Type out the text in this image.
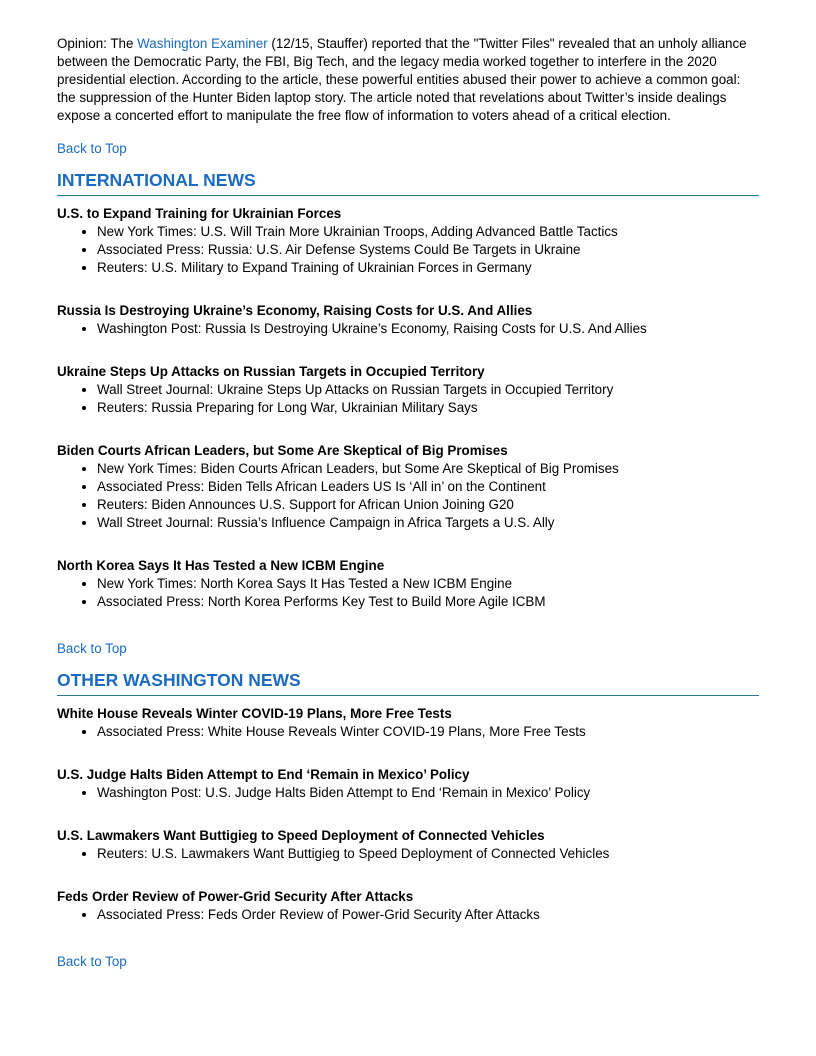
Opinion: The Washington Examiner (12/15, Stauffer) reported that the "Twitter Files" revealed that an unholy alliance between the Democratic Party, the FBI, Big Tech, and the legacy media worked together to interfere in the 2020 presidential election. According to the article, these powerful entities abused their power to achieve a common goal: the suppression of the Hunter Biden laptop story. The article noted that revelations about Twitter’s inside dealings expose a concerted effort to manipulate the free flow of information to voters ahead of a critical election.

Back to Top
INTERNATIONAL NEWS

U.S. to Expand Training for Ukrainian Forces

• New York Times: U.S. Will Train More Ukrainian Troops, Adding Advanced Battle Tactics
• Associated Press: Russia: U.S. Air Defense Systems Could Be Targets in Ukraine
• Reuters: U.S. Military to Expand Training of Ukrainian Forces in Germany

Russia Is Destroying Ukraine’s Economy, Raising Costs for U.S. And Allies

• Washington Post: Russia Is Destroying Ukraine’s Economy, Raising Costs for U.S. And Allies

Ukraine Steps Up Attacks on Russian Targets in Occupied Territory

• Wall Street Journal: Ukraine Steps Up Attacks on Russian Targets in Occupied Territory
• Reuters: Russia Preparing for Long War, Ukrainian Military Says

Biden Courts African Leaders, but Some Are Skeptical of Big Promises

• New York Times: Biden Courts African Leaders, but Some Are Skeptical of Big Promises
• Associated Press: Biden Tells African Leaders US Is ‘All in’ on the Continent
• Reuters: Biden Announces U.S. Support for African Union Joining G20
• Wall Street Journal: Russia’s Influence Campaign in Africa Targets a U.S. Ally

North Korea Says It Has Tested a New ICBM Engine

• New York Times: North Korea Says It Has Tested a New ICBM Engine
• Associated Press: North Korea Performs Key Test to Build More Agile ICBM
Back to Top
OTHER WASHINGTON NEWS

White House Reveals Winter COVID-19 Plans, More Free Tests

• Associated Press: White House Reveals Winter COVID-19 Plans, More Free Tests

U.S. Judge Halts Biden Attempt to End ‘Remain in Mexico’ Policy

• Washington Post: U.S. Judge Halts Biden Attempt to End ‘Remain in Mexico’ Policy

U.S. Lawmakers Want Buttigieg to Speed Deployment of Connected Vehicles

• Reuters: U.S. Lawmakers Want Buttigieg to Speed Deployment of Connected Vehicles

Feds Order Review of Power-Grid Security After Attacks

• Associated Press: Feds Order Review of Power-Grid Security After Attacks
Back to Top
